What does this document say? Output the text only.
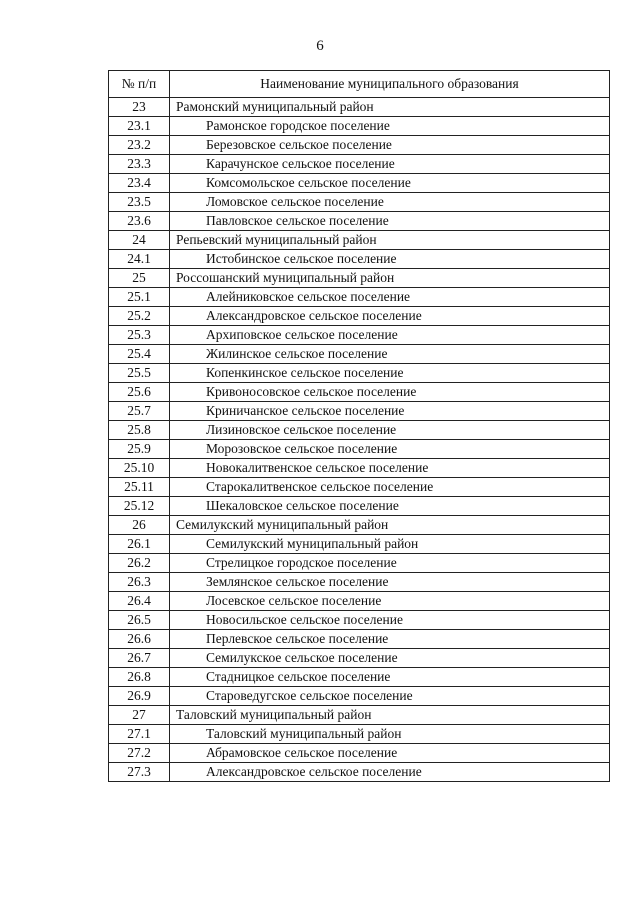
6
№ п/п	Наименование муниципального образования
23	Рамонский муниципальный район
23.1	Рамонское городское поселение
23.2	Березовское сельское поселение
23.3	Карачунское сельское поселение
23.4	Комсомольское сельское поселение
23.5	Ломовское сельское поселение
23.6	Павловское сельское поселение
24	Репьевский муниципальный район
24.1	Истобинское сельское поселение
25	Россошанский муниципальный район
25.1	Алейниковское сельское поселение
25.2	Александровское сельское поселение
25.3	Архиповское сельское поселение
25.4	Жилинское сельское поселение
25.5	Копенкинское сельское поселение
25.6	Кривоносовское сельское поселение
25.7	Криничанское сельское поселение
25.8	Лизиновское сельское поселение
25.9	Морозовское сельское поселение
25.10	Новокалитвенское сельское поселение
25.11	Старокалитвенское сельское поселение
25.12	Шекаловское сельское поселение
26	Семилукский муниципальный район
26.1	Семилукский муниципальный район
26.2	Стрелицкое городское поселение
26.3	Землянское сельское поселение
26.4	Лосевское сельское поселение
26.5	Новосильское сельское поселение
26.6	Перлевское сельское поселение
26.7	Семилукское сельское поселение
26.8	Стадницкое сельское поселение
26.9	Староведугское сельское поселение
27	Таловский муниципальный район
27.1	Таловский муниципальный район
27.2	Абрамовское сельское поселение
27.3	Александровское сельское поселение
